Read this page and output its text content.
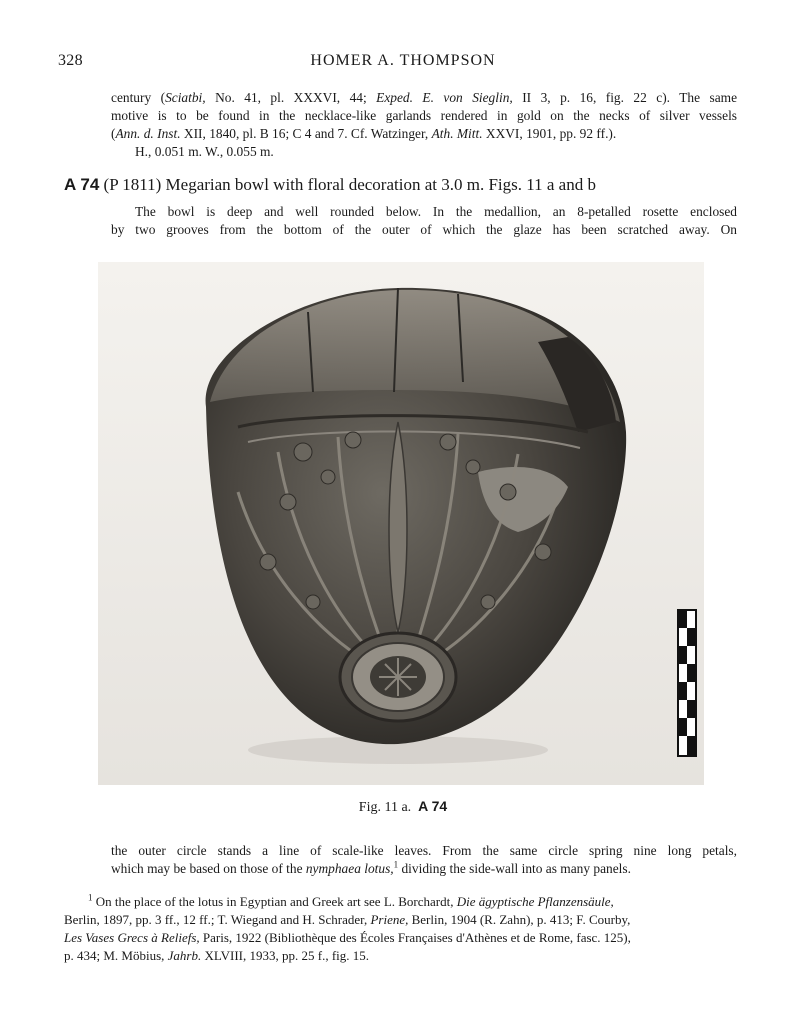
328	HOMER A. THOMPSON
century (Sciatbi, No. 41, pl. XXXVI, 44; Exped. E. von Sieglin, II 3, p. 16, fig. 22 c). The same
motive is to be found in the necklace-like garlands rendered in gold on the necks of silver vessels
(Ann. d. Inst. XII, 1840, pl. B 16; C 4 and 7. Cf. Watzinger, Ath. Mitt. XXVI, 1901, pp. 92 ff.).
H., 0.051 m. W., 0.055 m.
A 74 (P 1811) Megarian bowl with floral decoration at 3.0 m. Figs. 11 a and b
The bowl is deep and well rounded below. In the medallion, an 8-petalled rosette enclosed
by two grooves from the bottom of the outer of which the glaze has been scratched away. On
Fig. 11 a. A 74
the outer circle stands a line of scale-like leaves. From the same circle spring nine long petals,
which may be based on those of the nymphaea lotus,$^1$ dividing the side-wall into as many panels.
$^1$ On the place of the lotus in Egyptian and Greek art see L. Borchardt, Die ägyptische Pflanzensäule,
Berlin, 1897, pp. 3 ff., 12 ff.; T. Wiegand and H. Schrader, Priene, Berlin, 1904 (R. Zahn), p. 413; F. Courby,
Les Vases Grecs à Reliefs, Paris, 1922 (Bibliothèque des Écoles Françaises d'Athènes et de Rome, fasc. 125),
p. 434; M. Möbius, Jahrb. XLVIII, 1933, pp. 25 f., fig. 15.
